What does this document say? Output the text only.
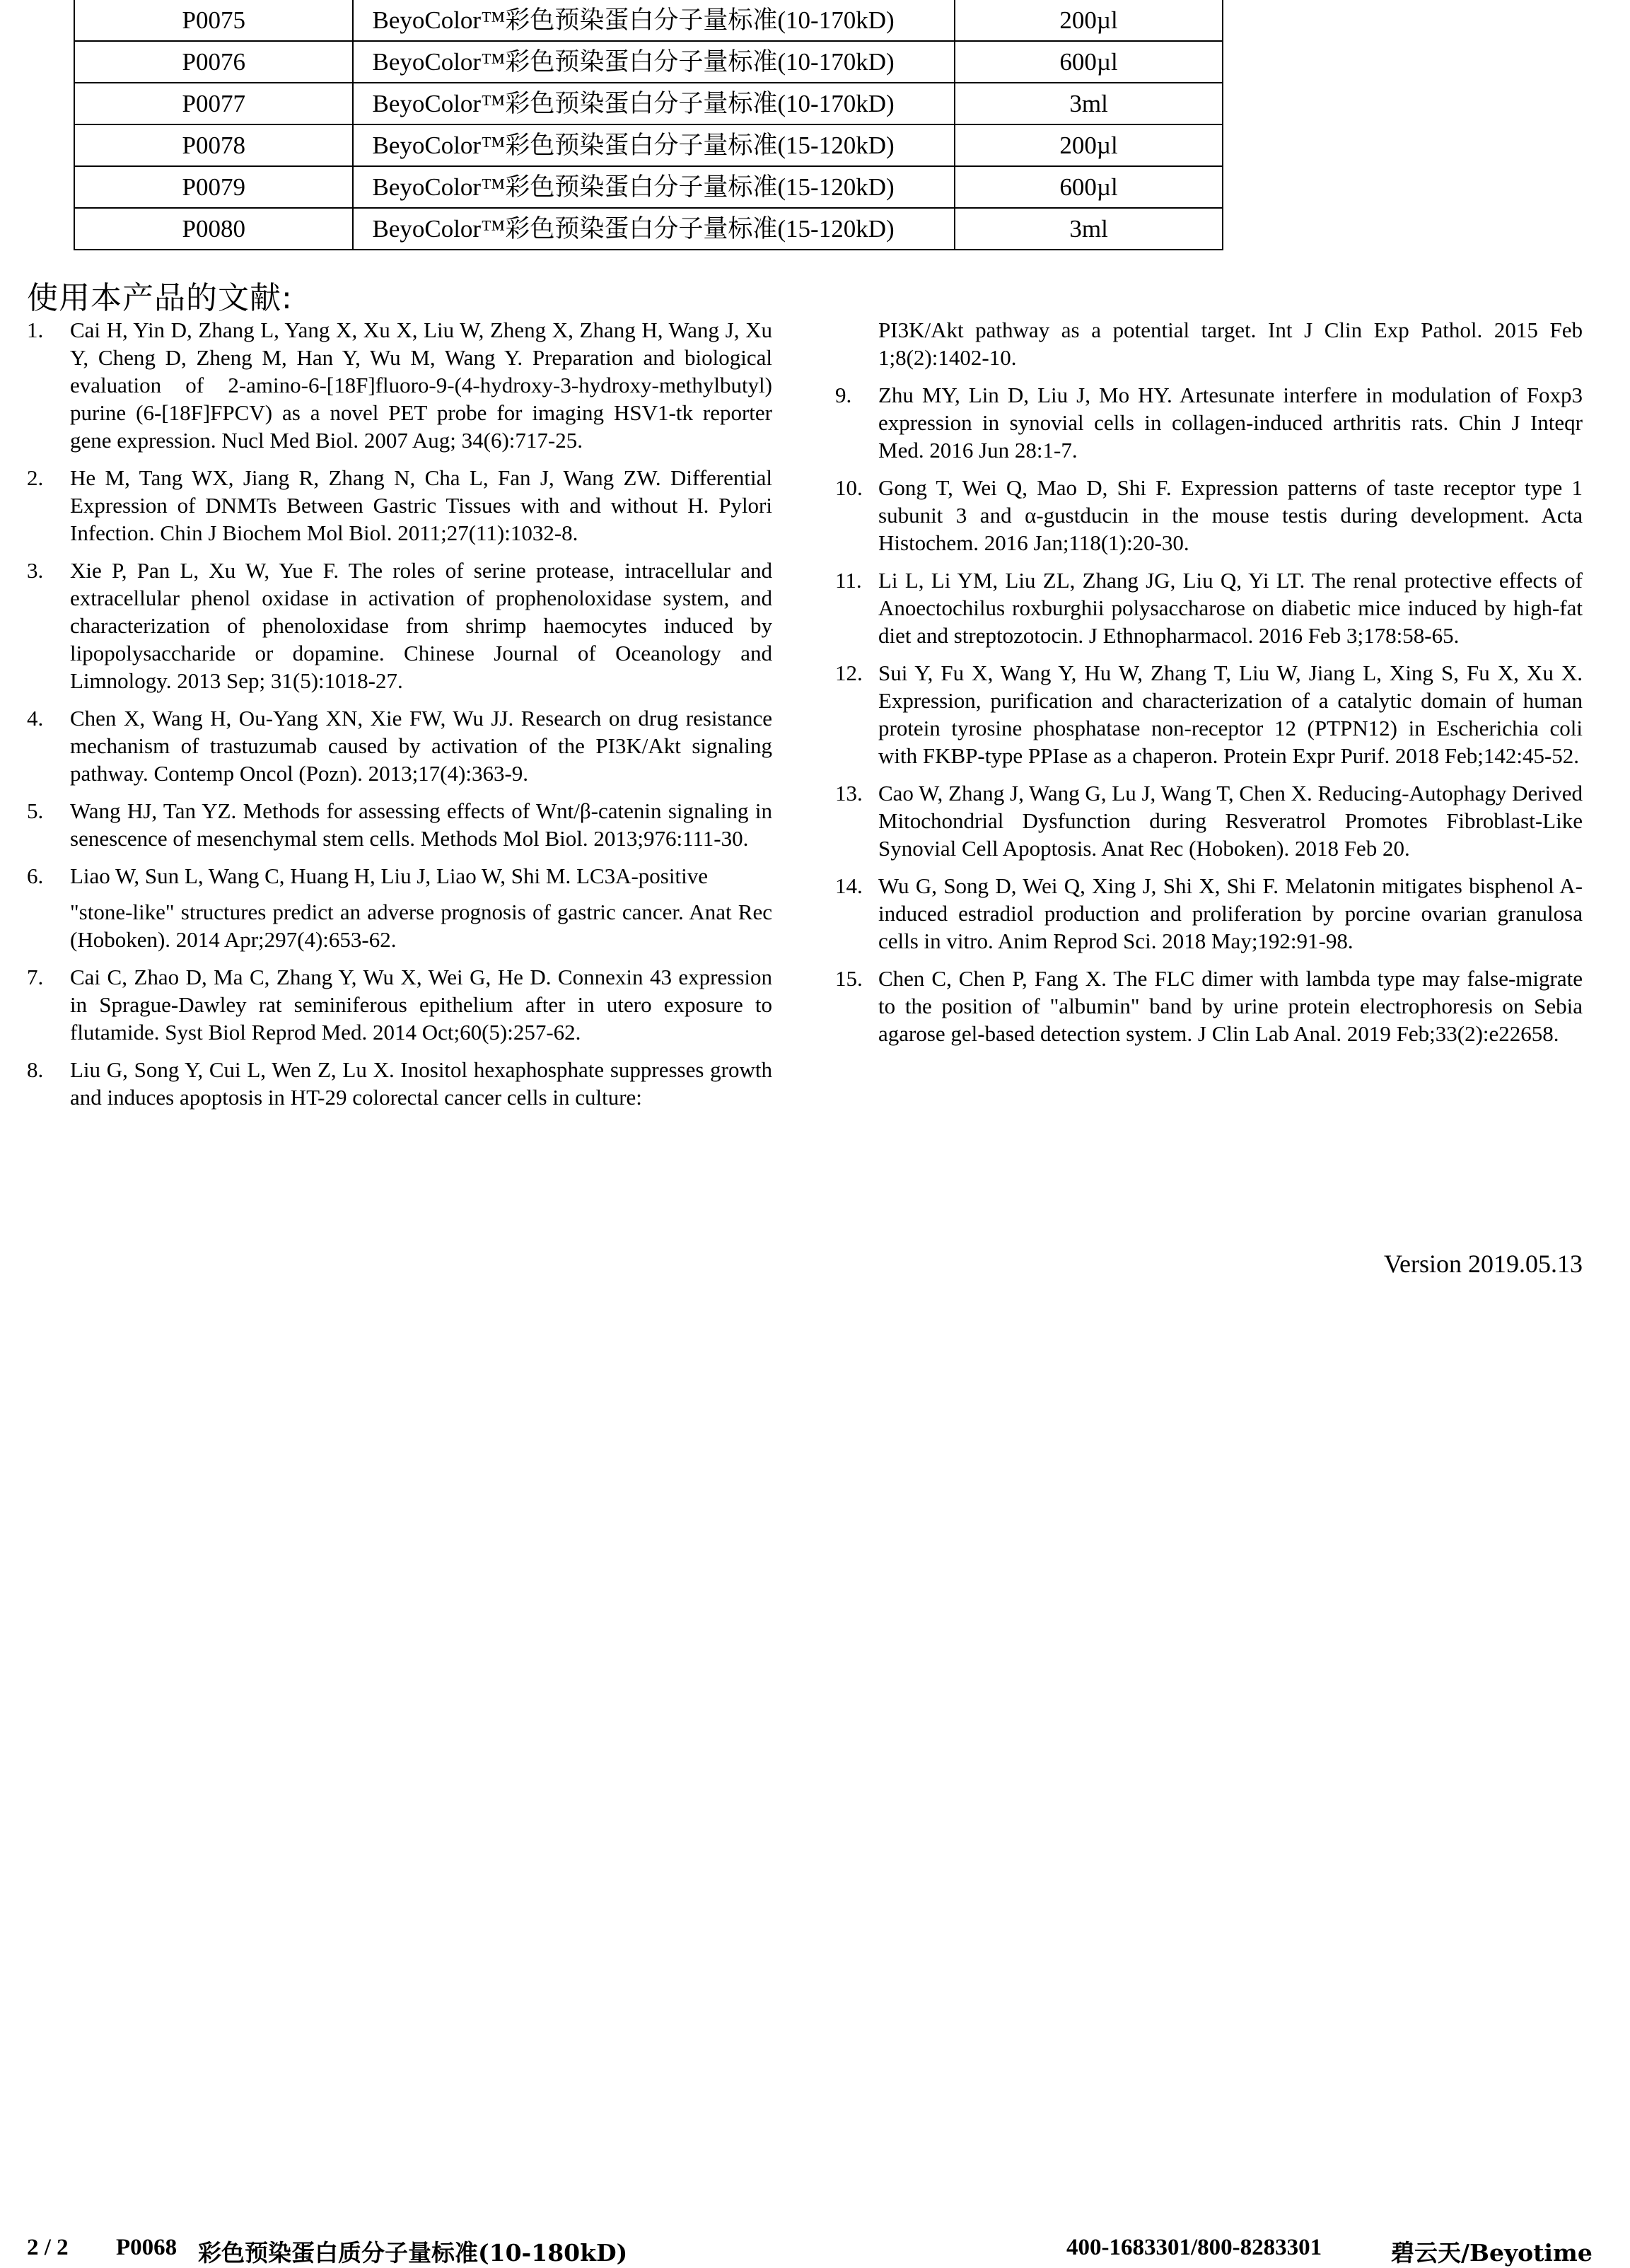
P0075	BeyoColor™彩色预染蛋白分子量标准(10-170kD)	200µl
P0076	BeyoColor™彩色预染蛋白分子量标准(10-170kD)	600µl
P0077	BeyoColor™彩色预染蛋白分子量标准(10-170kD)	3ml
P0078	BeyoColor™彩色预染蛋白分子量标准(15-120kD)	200µl
P0079	BeyoColor™彩色预染蛋白分子量标准(15-120kD)	600µl
P0080	BeyoColor™彩色预染蛋白分子量标准(15-120kD)	3ml
使用本产品的文献:
1. Cai H, Yin D, Zhang L, Yang X, Xu X, Liu W, Zheng X, Zhang H, Wang J, Xu Y, Cheng D, Zheng M, Han Y, Wu M, Wang Y. Preparation and biological evaluation of 2-amino-6-[18F]fluoro-9-(4-hydroxy-3-hydroxy-methylbutyl) purine (6-[18F]FPCV) as a novel PET probe for imaging HSV1-tk reporter gene expression. Nucl Med Biol. 2007 Aug; 34(6):717-25.
2. He M, Tang WX, Jiang R, Zhang N, Cha L, Fan J, Wang ZW. Differential Expression of DNMTs Between Gastric Tissues with and without H. Pylori Infection. Chin J Biochem Mol Biol. 2011;27(11):1032-8.
3. Xie P, Pan L, Xu W, Yue F. The roles of serine protease, intracellular and extracellular phenol oxidase in activation of prophenoloxidase system, and characterization of phenoloxidase from shrimp haemocytes induced by lipopolysaccharide or dopamine. Chinese Journal of Oceanology and Limnology. 2013 Sep; 31(5):1018-27.
4. Chen X, Wang H, Ou-Yang XN, Xie FW, Wu JJ. Research on drug resistance mechanism of trastuzumab caused by activation of the PI3K/Akt signaling pathway. Contemp Oncol (Pozn). 2013;17(4):363-9.
5. Wang HJ, Tan YZ. Methods for assessing effects of Wnt/β-catenin signaling in senescence of mesenchymal stem cells. Methods Mol Biol. 2013;976:111-30.
6. Liao W, Sun L, Wang C, Huang H, Liu J, Liao W, Shi M. LC3A-positive
"stone-like" structures predict an adverse prognosis of gastric cancer. Anat Rec (Hoboken). 2014 Apr;297(4):653-62.
7. Cai C, Zhao D, Ma C, Zhang Y, Wu X, Wei G, He D. Connexin 43 expression in Sprague-Dawley rat seminiferous epithelium after in utero exposure to flutamide. Syst Biol Reprod Med. 2014 Oct;60(5):257-62.
8. Liu G, Song Y, Cui L, Wen Z, Lu X. Inositol hexaphosphate suppresses growth and induces apoptosis in HT-29 colorectal cancer cells in culture:
PI3K/Akt pathway as a potential target. Int J Clin Exp Pathol. 2015 Feb 1;8(2):1402-10.
9. Zhu MY, Lin D, Liu J, Mo HY. Artesunate interfere in modulation of Foxp3 expression in synovial cells in collagen-induced arthritis rats. Chin J Inteqr Med. 2016 Jun 28:1-7.
10. Gong T, Wei Q, Mao D, Shi F. Expression patterns of taste receptor type 1 subunit 3 and α-gustducin in the mouse testis during development. Acta Histochem. 2016 Jan;118(1):20-30.
11. Li L, Li YM, Liu ZL, Zhang JG, Liu Q, Yi LT. The renal protective effects of Anoectochilus roxburghii polysaccharose on diabetic mice induced by high-fat diet and streptozotocin. J Ethnopharmacol. 2016 Feb 3;178:58-65.
12. Sui Y, Fu X, Wang Y, Hu W, Zhang T, Liu W, Jiang L, Xing S, Fu X, Xu X. Expression, purification and characterization of a catalytic domain of human protein tyrosine phosphatase non-receptor 12 (PTPN12) in Escherichia coli with FKBP-type PPIase as a chaperon. Protein Expr Purif. 2018 Feb;142:45-52.
13. Cao W, Zhang J, Wang G, Lu J, Wang T, Chen X. Reducing-Autophagy Derived Mitochondrial Dysfunction during Resveratrol Promotes Fibroblast-Like Synovial Cell Apoptosis. Anat Rec (Hoboken). 2018 Feb 20.
14. Wu G, Song D, Wei Q, Xing J, Shi X, Shi F. Melatonin mitigates bisphenol A-induced estradiol production and proliferation by porcine ovarian granulosa cells in vitro. Anim Reprod Sci. 2018 May;192:91-98.
15. Chen C, Chen P, Fang X. The FLC dimer with lambda type may false-migrate to the position of "albumin" band by urine protein electrophoresis on Sebia agarose gel-based detection system. J Clin Lab Anal. 2019 Feb;33(2):e22658.
Version 2019.05.13
2 / 2 P0068 彩色预染蛋白质分子量标准(10-180kD)	400-1683301/800-8283301	碧云天/Beyotime
